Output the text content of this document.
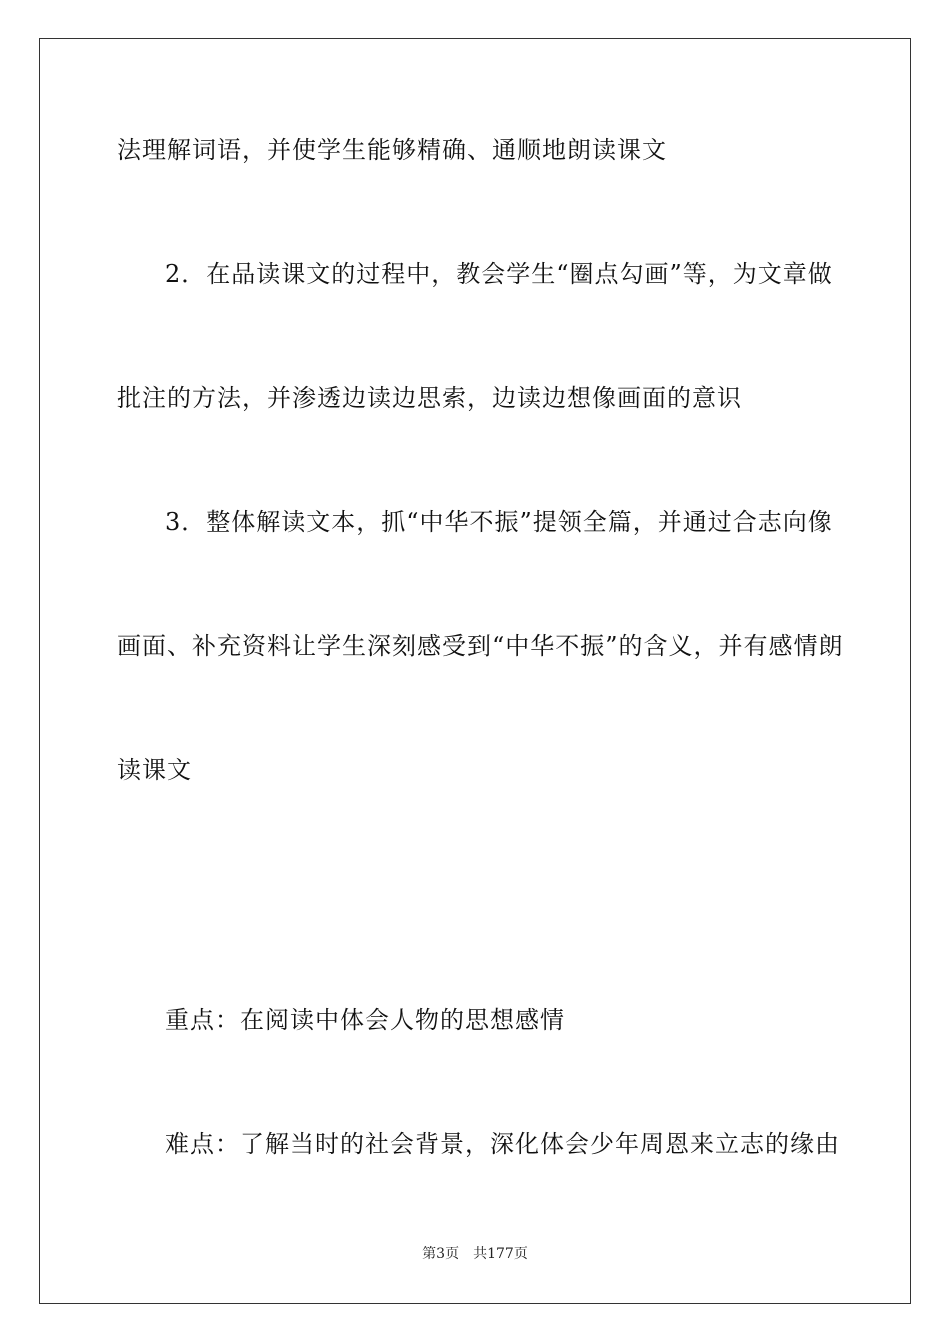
法理解词语，并使学生能够精确、通顺地朗读课文
2．在品读课文的过程中，教会学生“圈点勾画”等，为文章做
批注的方法，并渗透边读边思索，边读边想像画面的意识
3．整体解读文本，抓“中华不振”提领全篇，并通过合志向像
画面、补充资料让学生深刻感受到“中华不振”的含义，并有感情朗
读课文
重点：在阅读中体会人物的思想感情
难点：了解当时的社会背景，深化体会少年周恩来立志的缘由
第3页 共177页
